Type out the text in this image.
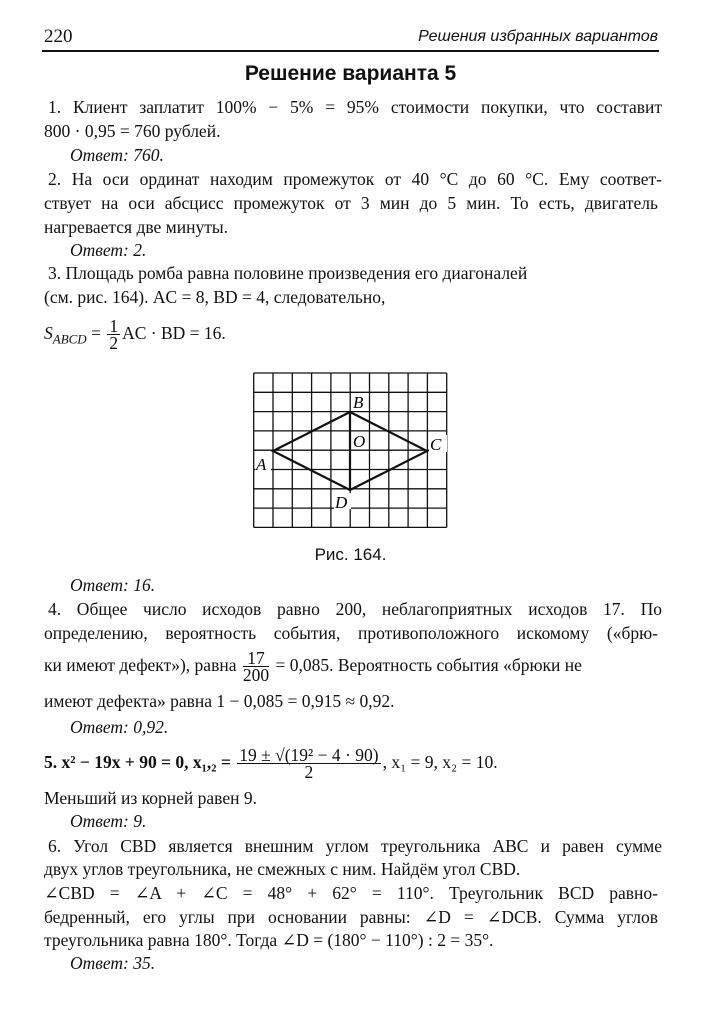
220	Решения избранных вариантов
Решение варианта 5
1. Клиент заплатит 100% − 5% = 95% стоимости покупки, что составит
800 · 0,95 = 760 рублей.
Ответ: 760.
2. На оси ординат находим промежуток от 40 °C до 60 °C. Ему соответ-
ствует на оси абсцисс промежуток от 3 мин до 5 мин. То есть, двигатель
нагревается две минуты.
Ответ: 2.
3. Площадь ромба равна половине произведения его диагоналей
(см. рис. 164). AC = 8, BD = 4, следовательно,
$S_{ABCD} = \frac{1}{2}$ AC · BD = 16.
B
O	C
A
D
Рис. 164.
Ответ: 16.
4. Общее число исходов равно 200, неблагоприятных исходов 17. По
определению, вероятность события, противоположного искомому («брю-
ки имеют дефект»), равна $\frac{17}{200} = 0,085$. Вероятность события «брюки не
имеют дефекта» равна 1 − 0,085 = 0,915 ≈ 0,92.
Ответ: 0,92.
5. x² − 19x + 90 = 0, $x_1,_2 = \frac{\text{19 ± √(19² − 4 · 90)}}{2}$ , x₁ = 9, x₂ = 10.
Меньший из корней равен 9.
Ответ: 9.
6. Угол CBD является внешним углом треугольника ABC и равен сумме
двух углов треугольника, не смежных с ним. Найдём угол CBD.
∠CBD = ∠A + ∠C = 48° + 62° = 110°. Треугольник BCD равно-
бедренный, его углы при основании равны: ∠D = ∠DCB. Сумма углов
треугольника равна 180°. Тогда ∠D = (180° − 110°) : 2 = 35°.
Ответ: 35.
